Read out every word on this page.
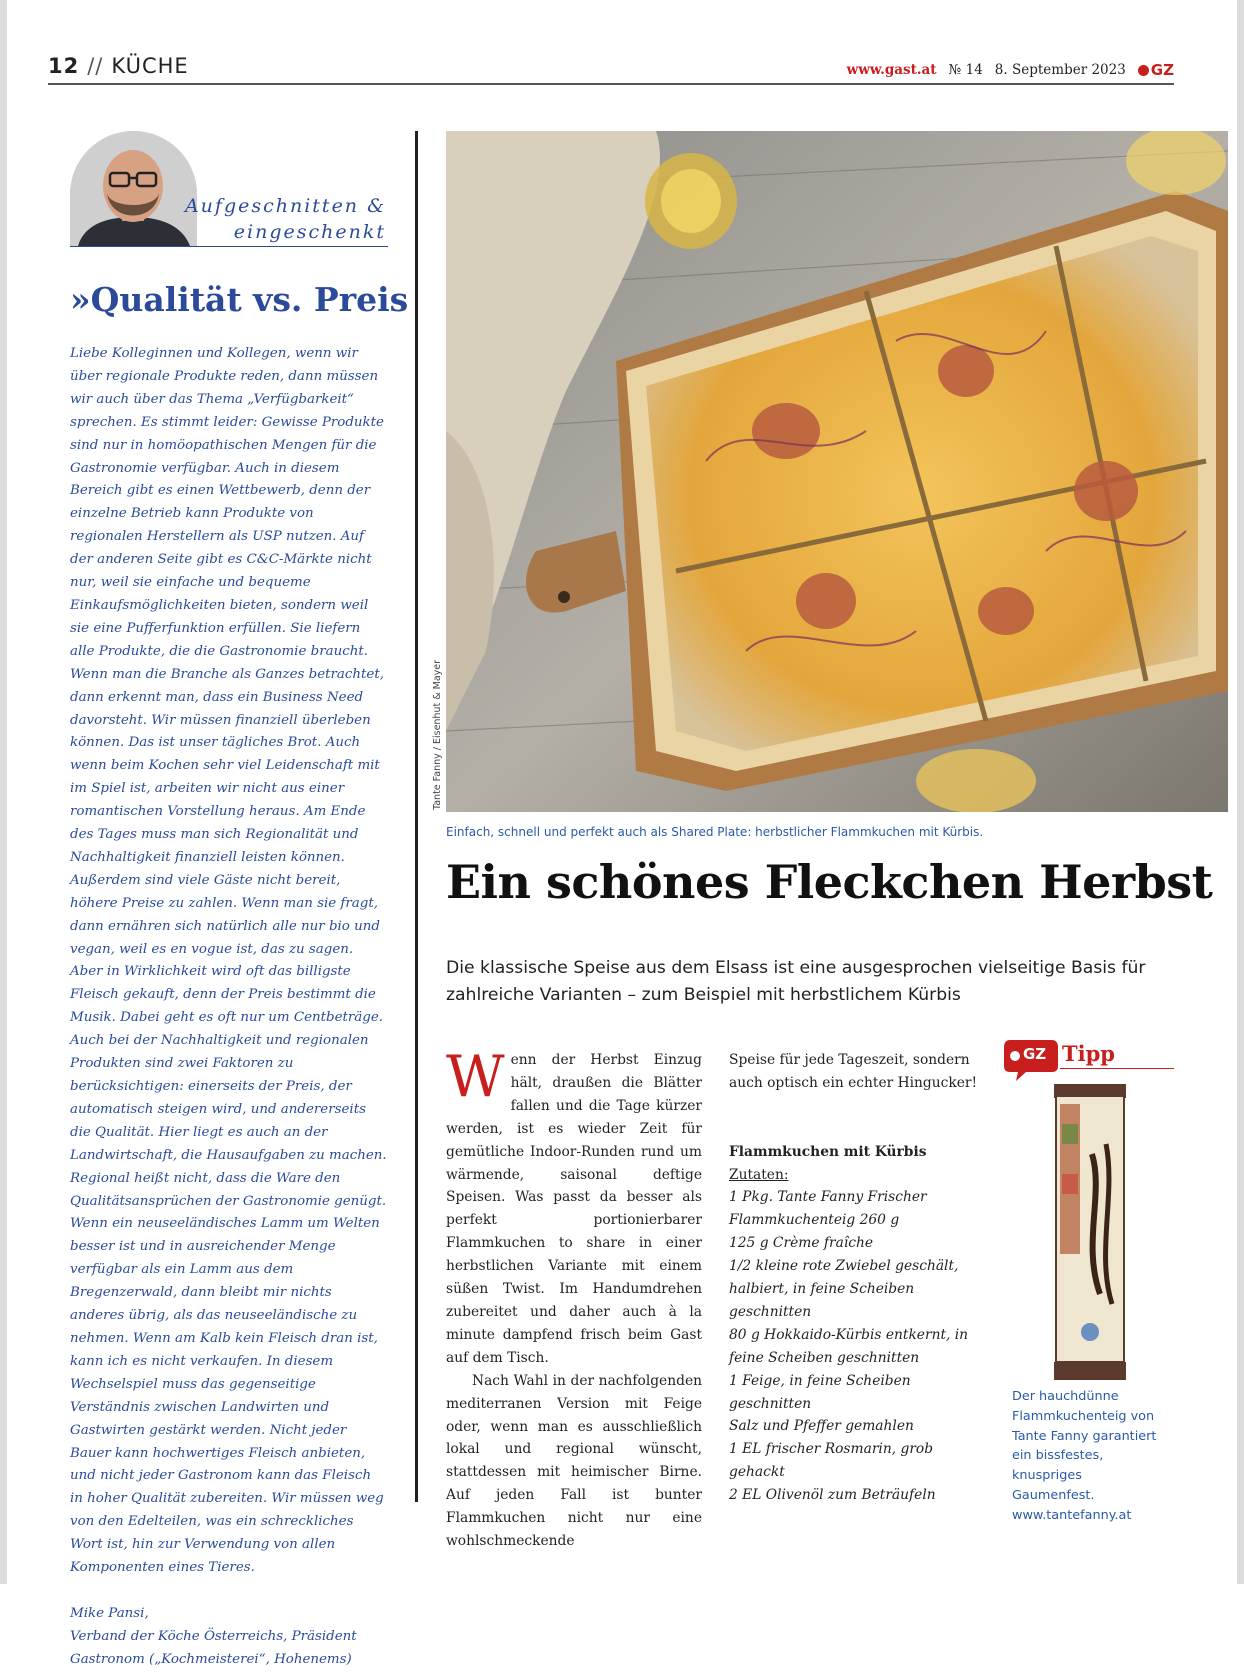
12 // KÜCHE	www.gast.at № 14 8. September 2023 GZ
Aufgeschnitten &
eingeschenkt
»Qualität vs. Preis

Liebe Kolleginnen und Kollegen, wenn wir über regionale Produkte reden, dann müssen wir auch über das Thema „Verfügbarkeit“ sprechen. Es stimmt leider: Gewisse Produkte sind nur in homöopathischen Mengen für die Gastronomie verfügbar. Auch in diesem Bereich gibt es einen Wettbewerb, denn der einzelne Betrieb kann Produkte von regionalen Herstellern als USP nutzen. Auf der anderen Seite gibt es C&C-Märkte nicht nur, weil sie einfache und bequeme Einkaufsmöglichkeiten bieten, sondern weil sie eine Pufferfunktion erfüllen. Sie liefern alle Produkte, die die Gastronomie braucht. Wenn man die Branche als Ganzes betrachtet, dann erkennt man, dass ein Business Need davorsteht. Wir müssen finanziell überleben können. Das ist unser tägliches Brot. Auch wenn beim Kochen sehr viel Leidenschaft mit im Spiel ist, arbeiten wir nicht aus einer romantischen Vorstellung heraus. Am Ende des Tages muss man sich Regionalität und Nachhaltigkeit finanziell leisten können.

Außerdem sind viele Gäste nicht bereit, höhere Preise zu zahlen. Wenn man sie fragt, dann ernähren sich natürlich alle nur bio und vegan, weil es en vogue ist, das zu sagen. Aber in Wirklichkeit wird oft das billigste Fleisch gekauft, denn der Preis bestimmt die Musik. Dabei geht es oft nur um Centbeträge. Auch bei der Nachhaltigkeit und regionalen Produkten sind zwei Faktoren zu berücksichtigen: einerseits der Preis, der automatisch steigen wird, und andererseits die Qualität. Hier liegt es auch an der Landwirtschaft, die Hausaufgaben zu machen. Regional heißt nicht, dass die Ware den Qualitätsansprüchen der Gastronomie genügt. Wenn ein neuseeländisches Lamm um Welten besser ist und in ausreichender Menge verfügbar als ein Lamm aus dem Bregenzerwald, dann bleibt mir nichts anderes übrig, als das neuseeländische zu nehmen. Wenn am Kalb kein Fleisch dran ist, kann ich es nicht verkaufen. In diesem Wechselspiel muss das gegenseitige Verständnis zwischen Landwirten und Gastwirten gestärkt werden. Nicht jeder Bauer kann hochwertiges Fleisch anbieten, und nicht jeder Gastronom kann das Fleisch in hoher Qualität zubereiten. Wir müssen weg von den Edelteilen, was ein schreckliches Wort ist, hin zur Verwendung von allen Komponenten eines Tieres.

Mike Pansi,

Verband der Köche Österreichs, Präsident

Gastronom („Kochmeisterei“, Hohenems)

Tante Fanny / Eisenhut & Mayer
Einfach, schnell und perfekt auch als Shared Plate: herbstlicher Flammkuchen mit Kürbis.
Ein schönes Fleckchen Herbst
Die klassische Speise aus dem Elsass ist eine ausgesprochen vielseitige Basis für zahlreiche Varianten – zum Beispiel mit herbstlichem Kürbis

Wenn der Herbst Einzug hält, draußen die Blätter fallen und die Tage kürzer werden, ist es wieder Zeit für gemütliche Indoor-Runden rund um wärmende, saisonal deftige Speisen. Was passt da besser als perfekt portionierbarer Flammkuchen to share in einer herbstlichen Variante mit einem süßen Twist. Im Handumdrehen zubereitet und daher auch à la minute dampfend frisch beim Gast auf dem Tisch.

Nach Wahl in der nachfolgenden mediterranen Version mit Feige oder, wenn man es ausschließlich lokal und regional wünscht, stattdessen mit heimischer Birne. Auf jeden Fall ist bunter Flammkuchen nicht nur eine wohlschmeckende

Speise für jede Tageszeit, sondern auch optisch ein echter Hingucker!

Flammkuchen mit Kürbis

Zutaten:

1 Pkg. Tante Fanny Frischer Flammkuchenteig 260 g

125 g Crème fraîche

1/2 kleine rote Zwiebel geschält, halbiert, in feine Scheiben geschnitten

80 g Hokkaido-Kürbis entkernt, in feine Scheiben geschnitten

1 Feige, in feine Scheiben geschnitten

Salz und Pfeffer gemahlen

1 EL frischer Rosmarin, grob gehackt

2 EL Olivenöl zum Beträufeln

GZ Tipp
Der hauchdünne
Flammkuchenteig von
Tante Fanny garantiert
ein bissfestes, knuspriges
Gaumenfest.
www.tantefanny.at
